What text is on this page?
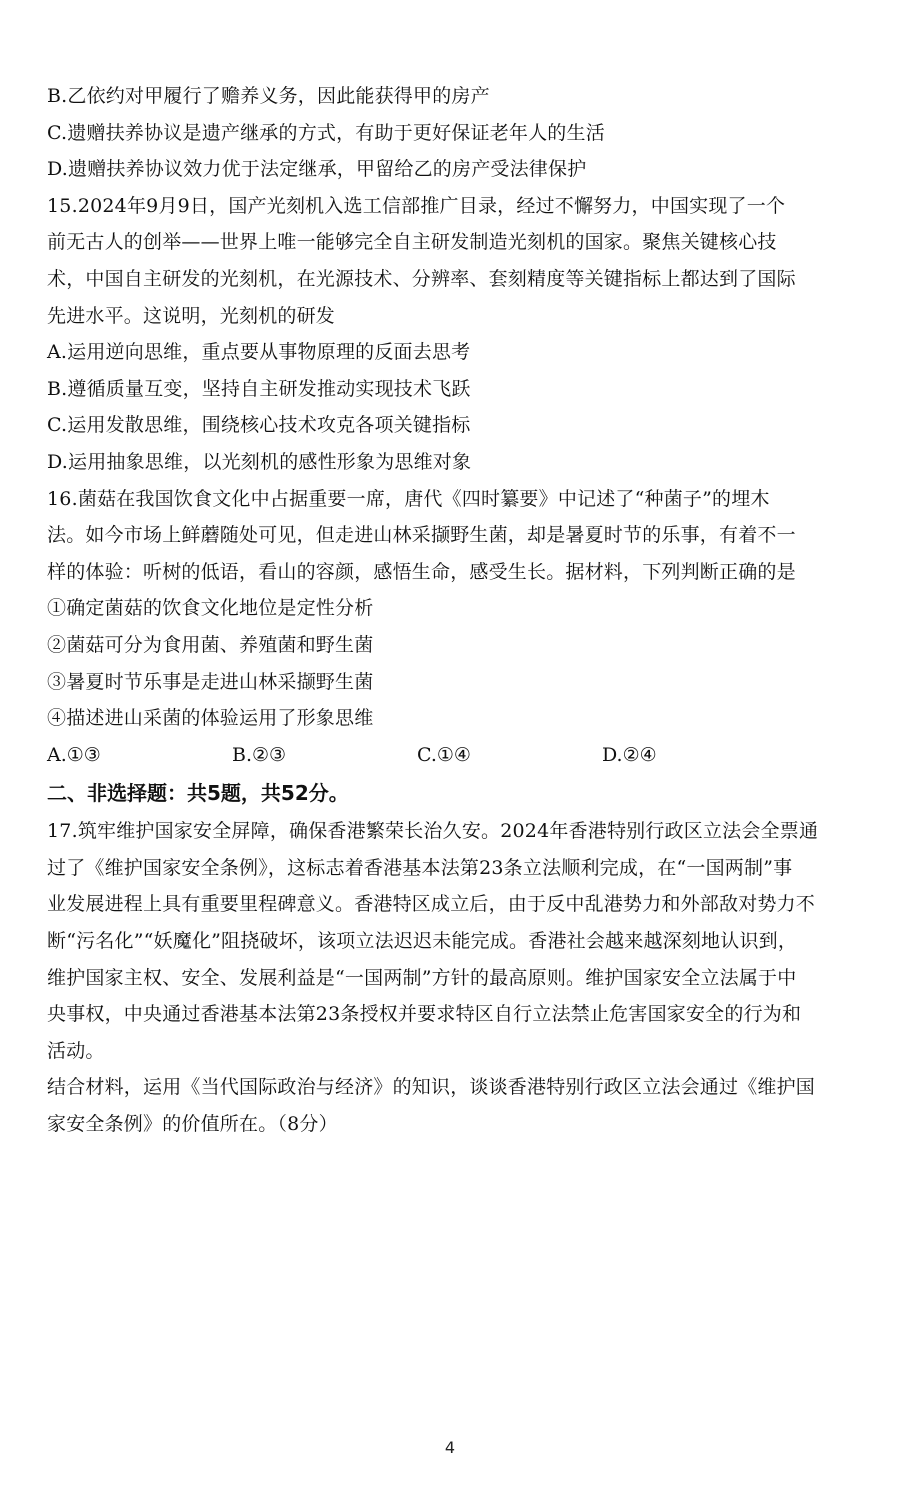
B.乙依约对甲履行了赡养义务，因此能获得甲的房产
C.遗赠扶养协议是遗产继承的方式，有助于更好保证老年人的生活
D.遗赠扶养协议效力优于法定继承，甲留给乙的房产受法律保护
15.2024年9月9日，国产光刻机入选工信部推广目录，经过不懈努力，中国实现了一个
前无古人的创举——世界上唯一能够完全自主研发制造光刻机的国家。聚焦关键核心技
术，中国自主研发的光刻机，在光源技术、分辨率、套刻精度等关键指标上都达到了国际
先进水平。这说明，光刻机的研发
A.运用逆向思维，重点要从事物原理的反面去思考
B.遵循质量互变，坚持自主研发推动实现技术飞跃
C.运用发散思维，围绕核心技术攻克各项关键指标
D.运用抽象思维，以光刻机的感性形象为思维对象
16.菌菇在我国饮食文化中占据重要一席，唐代《四时纂要》中记述了“种菌子”的埋木
法。如今市场上鲜蘑随处可见，但走进山林采撷野生菌，却是暑夏时节的乐事，有着不一
样的体验：听树的低语，看山的容颜，感悟生命，感受生长。据材料，下列判断正确的是
①确定菌菇的饮食文化地位是定性分析
②菌菇可分为食用菌、养殖菌和野生菌
③暑夏时节乐事是走进山林采撷野生菌
④描述进山采菌的体验运用了形象思维
A.①③	B.②③	C.①④	D.②④
二、非选择题：共5题，共52分。
17.筑牢维护国家安全屏障，确保香港繁荣长治久安。2024年香港特别行政区立法会全票通
过了《维护国家安全条例》，这标志着香港基本法第23条立法顺利完成，在“一国两制”事
业发展进程上具有重要里程碑意义。香港特区成立后，由于反中乱港势力和外部敌对势力不
断“污名化”“妖魔化”阻挠破坏，该项立法迟迟未能完成。香港社会越来越深刻地认识到，
维护国家主权、安全、发展利益是“一国两制”方针的最高原则。维护国家安全立法属于中
央事权，中央通过香港基本法第23条授权并要求特区自行立法禁止危害国家安全的行为和
活动。
结合材料，运用《当代国际政治与经济》的知识，谈谈香港特别行政区立法会通过《维护国
家安全条例》的价值所在。（8分）
4
